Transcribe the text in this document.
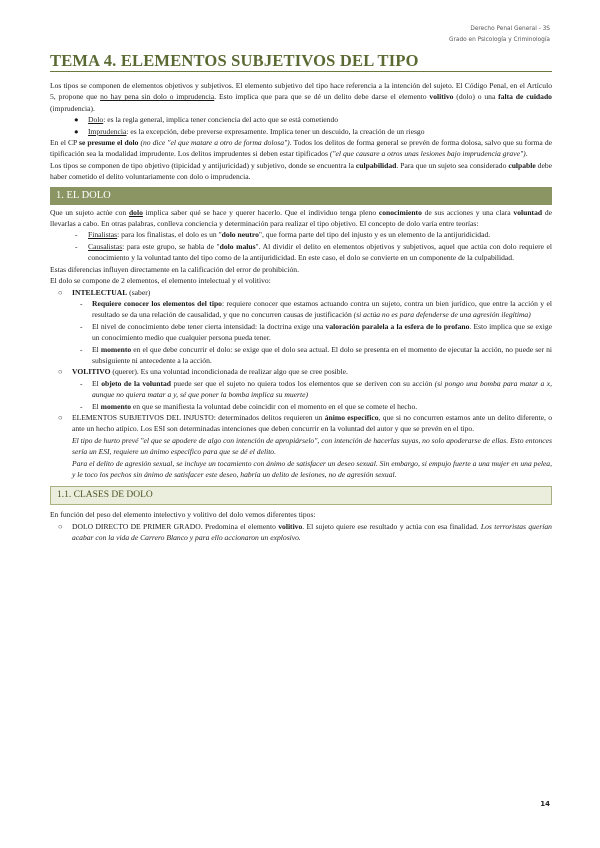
Derecho Penal General - 3S
Grado en Psicología y Criminología
TEMA 4. ELEMENTOS SUBJETIVOS DEL TIPO

Los tipos se componen de elementos objetivos y subjetivos. El elemento subjetivo del tipo hace referencia a la intención del sujeto. El Código Penal, en el Artículo 5, propone que no hay pena sin dolo o imprudencia. Esto implica que para que se dé un delito debe darse el elemento volitivo (dolo) o una falta de cuidado (imprudencia).

● Dolo: es la regla general, implica tener conciencia del acto que se está cometiendo
● Imprudencia: es la excepción, debe preverse expresamente. Implica tener un descuido, la creación de un riesgo

En el CP se presume el dolo (no dice "el que matare a otro de forma dolosa"). Todos los delitos de forma general se prevén de forma dolosa, salvo que su forma de tipificación sea la modalidad imprudente. Los delitos imprudentes si deben estar tipificados ("el que causare a otros unas lesiones bajo imprudencia grave").

Los tipos se componen de tipo objetivo (tipicidad y antijuricidad) y subjetivo, donde se encuentra la culpabilidad. Para que un sujeto sea considerado culpable debe haber cometido el delito voluntariamente con dolo o imprudencia.

1. EL DOLO

Que un sujeto actúe con dolo implica saber qué se hace y querer hacerlo. Que el individuo tenga pleno conocimiento de sus acciones y una clara voluntad de llevarlas a cabo. En otras palabras, conlleva conciencia y determinación para realizar el tipo objetivo. El concepto de dolo varía entre teorías:

- Finalistas: para los finalistas, el dolo es un "dolo neutro", que forma parte del tipo del injusto y es un elemento de la antijuridicidad.
- Causalistas: para este grupo, se habla de "dolo malus". Al dividir el delito en elementos objetivos y subjetivos, aquel que actúa con dolo requiere el conocimiento y la voluntad tanto del tipo como de la antijuridicidad. En este caso, el dolo se convierte en un componente de la culpabilidad.

Estas diferencias influyen directamente en la calificación del error de prohibición.

El dolo se compone de 2 elementos, el elemento intelectual y el volitivo:

○ INTELECTUAL (saber)
- Requiere conocer los elementos del tipo: requiere conocer que estamos actuando contra un sujeto, contra un bien jurídico, que entre la acción y el resultado se da una relación de causalidad, y que no concurren causas de justificación (si actúa no es para defenderse de una agresión ilegítima)
- El nivel de conocimiento debe tener cierta intensidad: la doctrina exige una valoración paralela a la esfera de lo profano. Esto implica que se exige un conocimiento medio que cualquier persona pueda tener.
- El momento en el que debe concurrir el dolo: se exige que el dolo sea actual. El dolo se presenta en el momento de ejecutar la acción, no puede ser ni subsiguiente ni antecedente a la acción.
○ VOLITIVO (querer). Es una voluntad incondicionada de realizar algo que se cree posible.
- El objeto de la voluntad puede ser que el sujeto no quiera todos los elementos que se deriven con su acción (si pongo una bomba para matar a x, aunque no quiera matar a y, sé que poner la bomba implica su muerte)
- El momento en que se manifiesta la voluntad debe coincidir con el momento en el que se comete el hecho.
○ ELEMENTOS SUBJETIVOS DEL INJUSTO: determinados delitos requieren un ánimo específico, que si no concurren estamos ante un delito diferente, o ante un hecho atípico. Los ESI son determinadas intenciones que deben concurrir en la voluntad del autor y que se prevén en el tipo.
El tipo de hurto prevé "el que se apodere de algo con intención de apropiárselo", con intención de hacerlas suyas, no solo apoderarse de ellas. Esto entonces sería un ESI, requiere un ánimo específico para que se dé el delito.
Para el delito de agresión sexual, se incluye un tocamiento con ánimo de satisfacer un deseo sexual. Sin embargo, si empujo fuerte a una mujer en una pelea, y le toco los pechos sin ánimo de satisfacer este deseo, habría un delito de lesiones, no de agresión sexual.
1.1. CLASES DE DOLO

En función del peso del elemento intelectivo y volitivo del dolo vemos diferentes tipos:

○ DOLO DIRECTO DE PRIMER GRADO. Predomina el elemento volitivo. El sujeto quiere ese resultado y actúa con esa finalidad. Los terroristas querían acabar con la vida de Carrero Blanco y para ello accionaron un explosivo.
14
